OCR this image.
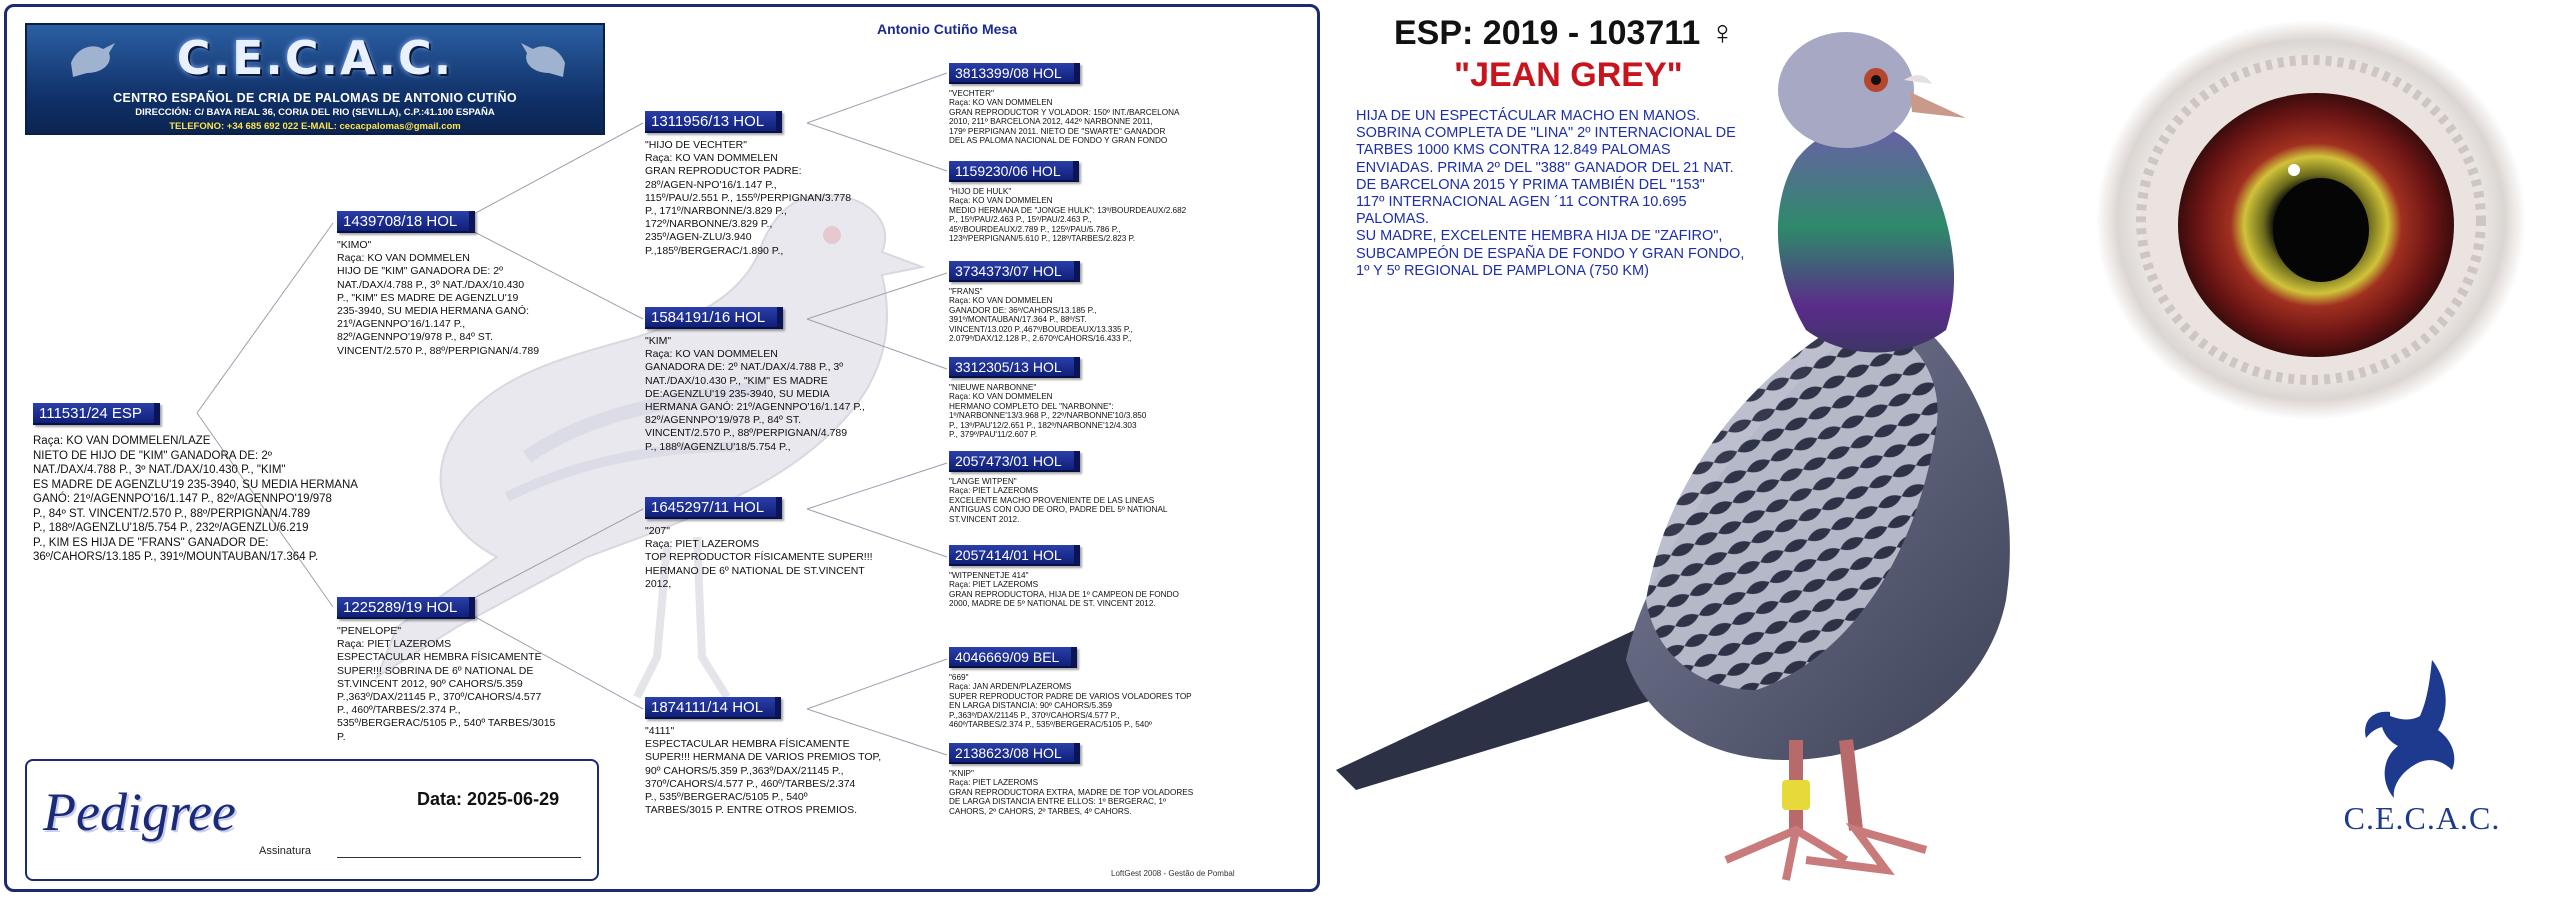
C.E.C.A.C.
CENTRO ESPAÑOL DE CRIA DE PALOMAS DE ANTONIO CUTIÑO
DIRECCIÓN: C/ BAYA REAL 36, CORIA DEL RIO (SEVILLA), C.P.:41.100 ESPAÑA
TELEFONO: +34 685 692 022 E-MAIL: cecacpalomas@gmail.com
Antonio Cutiño Mesa
111531/24 ESP
Raça: KO VAN DOMMELEN/LAZE
NIETO DE HIJO DE "KIM" GANADORA DE: 2º
NAT./DAX/4.788 P., 3º NAT./DAX/10.430 P., "KIM"
ES MADRE DE AGENZLU'19 235-3940, SU MEDIA HERMANA
GANÓ: 21º/AGENNPO'16/1.147 P., 82º/AGENNPO'19/978
P., 84º ST. VINCENT/2.570 P., 88º/PERPIGNAN/4.789
P., 188º/AGENZLU'18/5.754 P., 232º/AGENZLU/6.219
P., KIM ES HIJA DE "FRANS" GANADOR DE:
36º/CAHORS/13.185 P., 391º/MOUNTAUBAN/17.364 P.
1439708/18 HOL
"KIMO"
Raça: KO VAN DOMMELEN
HIJO DE "KIM" GANADORA DE: 2º
NAT./DAX/4.788 P., 3º NAT./DAX/10.430
P., "KIM" ES MADRE DE AGENZLU'19
235-3940, SU MEDIA HERMANA GANÓ:
21º/AGENNPO'16/1.147 P.,
82º/AGENNPO'19/978 P., 84º ST.
VINCENT/2.570 P., 88º/PERPIGNAN/4.789
1225289/19 HOL
"PENELOPE"
Raça: PIET LAZEROMS
ESPECTACULAR HEMBRA FÍSICAMENTE
SUPER!!! SOBRINA DE 6º NATIONAL DE
ST.VINCENT 2012, 90º CAHORS/5.359
P.,363º/DAX/21145 P., 370º/CAHORS/4.577
P., 460º/TARBES/2.374 P.,
535º/BERGERAC/5105 P., 540º TARBES/3015
P.
1311956/13 HOL
"HIJO DE VECHTER"
Raça: KO VAN DOMMELEN
GRAN REPRODUCTOR PADRE:
28º/AGEN-NPO'16/1.147 P.,
115º/PAU/2.551 P., 155º/PERPIGNAN/3.778
P., 171º/NARBONNE/3.829 P.,
172º/NARBONNE/3.829 P.,
235º/AGEN-ZLU/3.940
P.,185º/BERGERAC/1.890 P.,
1584191/16 HOL
"KIM"
Raça: KO VAN DOMMELEN
GANADORA DE: 2º NAT./DAX/4.788 P., 3º
NAT./DAX/10.430 P., "KIM" ES MADRE
DE:AGENZLU'19 235-3940, SU MEDIA
HERMANA GANÓ: 21º/AGENNPO'16/1.147 P.,
82º/AGENNPO'19/978 P., 84º ST.
VINCENT/2.570 P., 88º/PERPIGNAN/4.789
P., 188º/AGENZLU'18/5.754 P.,
1645297/11 HOL
"207"
Raça: PIET LAZEROMS
TOP REPRODUCTOR FÍSICAMENTE SUPER!!!
HERMANO DE 6º NATIONAL DE ST.VINCENT
2012,
1874111/14 HOL
"4111"
ESPECTACULAR HEMBRA FÍSICAMENTE
SUPER!!! HERMANA DE VARIOS PREMIOS TOP,
90º CAHORS/5.359 P.,363º/DAX/21145 P.,
370º/CAHORS/4.577 P., 460º/TARBES/2.374
P., 535º/BERGERAC/5105 P., 540º
TARBES/3015 P. ENTRE OTROS PREMIOS.
3813399/08 HOL
"VECHTER"
Raça: KO VAN DOMMELEN
GRAN REPRODUCTOR Y VOLADOR: 150º INT./BARCELONA
2010, 211º BARCELONA 2012, 442º NARBONNE 2011,
179º PERPIGNAN 2011. NIETO DE "SWARTE" GANADOR
DEL AS PALOMA NACIONAL DE FONDO Y GRAN FONDO
1159230/06 HOL
"HIJO DE HULK"
Raça: KO VAN DOMMELEN
MEDIO HERMANA DE "JONGE HULK": 13º/BOURDEAUX/2.682
P., 15º/PAU/2.463 P., 15º/PAU/2.463 P.,
45º/BOURDEAUX/2.789 P., 125º/PAU/5.786 P.,
123º/PERPIGNAN/5.610 P., 128º/TARBES/2.823 P.
3734373/07 HOL
"FRANS"
Raça: KO VAN DOMMELEN
GANADOR DE: 36º/CAHORS/13.185 P.,
391º/MONTAUBAN/17.364 P., 88º/ST.
VINCENT/13.020 P.,467º/BOURDEAUX/13.335 P.,
2.079º/DAX/12.128 P., 2.670º/CAHORS/16.433 P.,
3312305/13 HOL
"NIEUWE NARBONNE"
Raça: KO VAN DOMMELEN
HERMANO COMPLETO DEL "NARBONNE":
1º/NARBONNE'13/3.968 P., 22º/NARBONNE'10/3.850
P., 13º/PAU'12/2.651 P., 182º/NARBONNE'12/4.303
P., 379º/PAU'11/2.607 P.
2057473/01 HOL
"LANGE WITPEN"
Raça: PIET LAZEROMS
EXCELENTE MACHO PROVENIENTE DE LAS LINEAS
ANTIGUAS CON OJO DE ORO, PADRE DEL 5º NATIONAL
ST.VINCENT 2012.
2057414/01 HOL
"WITPENNETJE 414"
Raça: PIET LAZEROMS
GRAN REPRODUCTORA, HIJA DE 1º CAMPEON DE FONDO
2000, MADRE DE 5º NATIONAL DE ST. VINCENT 2012.
4046669/09 BEL
"669"
Raça: JAN ARDEN/PLAZEROMS
SUPER REPRODUCTOR PADRE DE VARIOS VOLADORES TOP
EN LARGA DISTANCIA: 90º CAHORS/5.359
P.,363º/DAX/21145 P., 370º/CAHORS/4.577 P.,
460º/TARBES/2.374 P., 535º/BERGERAC/5105 P., 540º
2138623/08 HOL
"KNIP"
Raça: PIET LAZEROMS
GRAN REPRODUCTORA EXTRA, MADRE DE TOP VOLADORES
DE LARGA DISTANCIA ENTRE ELLOS: 1º BERGERAC, 1º
CAHORS, 2º CAHORS, 2º TARBES, 4º CAHORS.
Pedigree	Data: 2025-06-29
Assinatura
LoftGest 2008 - Gestão de Pombal
ESP: 2019 - 103711 ♀
"JEAN GREY"
HIJA DE UN ESPECTÁCULAR MACHO EN MANOS.
SOBRINA COMPLETA DE "LINA" 2º INTERNACIONAL DE
TARBES 1000 KMS CONTRA 12.849 PALOMAS
ENVIADAS. PRIMA 2º DEL "388" GANADOR DEL 21 NAT.
DE BARCELONA 2015 Y PRIMA TAMBIÉN DEL "153"
117º INTERNACIONAL AGEN ´11 CONTRA 10.695
PALOMAS.
SU MADRE, EXCELENTE HEMBRA HIJA DE "ZAFIRO",
SUBCAMPEÓN DE ESPAÑA DE FONDO Y GRAN FONDO,
1º Y 5º REGIONAL DE PAMPLONA (750 KM)
C.E.C.A.C.
